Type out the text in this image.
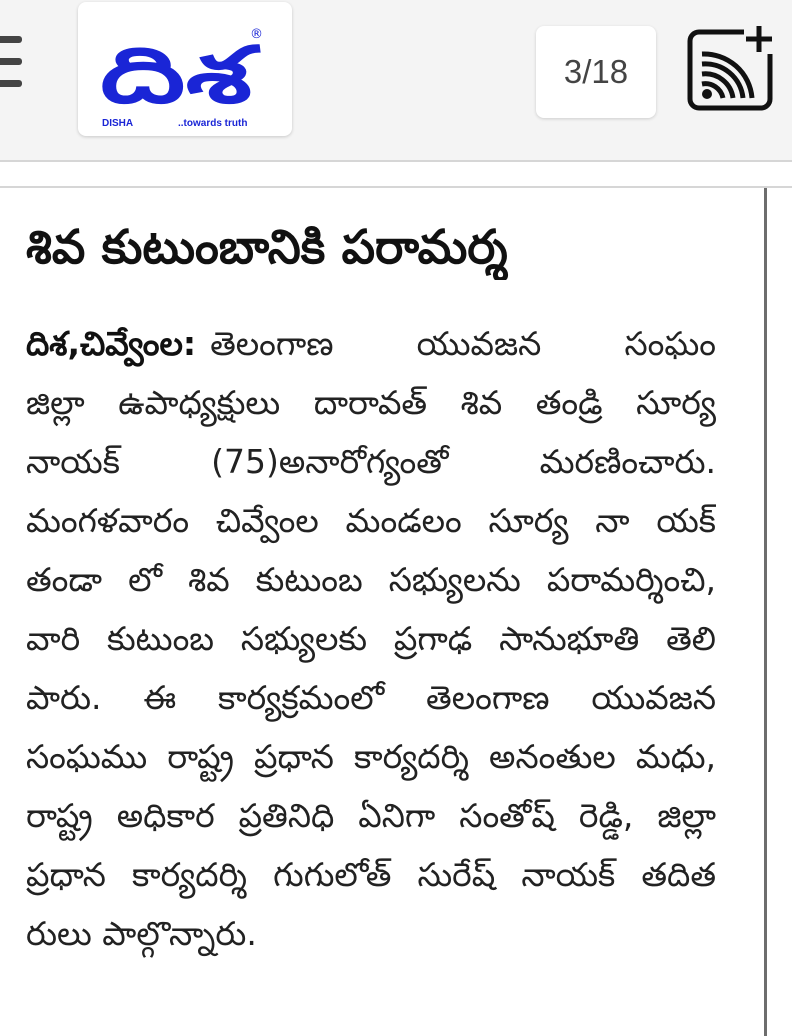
దిశ
®
DISHA	..towards truth
3/18
శివ కుటుంబానికి పరామర్శ
దిశ,చివ్వేంల: తెలంగాణ యువజన సంఘం
జిల్లా ఉపాధ్యక్షులు దారావత్ శివ తండ్రి సూర్య
నాయక్ (75)అనారోగ్యంతో మరణించారు.
మంగళవారం చివ్వేంల మండలం సూర్య నా యక్
తండా లో శివ కుటుంబ సభ్యులను పరామర్శించి,
వారి కుటుంబ సభ్యులకు ప్రగాఢ సానుభూతి తెలి
పారు. ఈ కార్యక్రమంలో తెలంగాణ యువజన
సంఘము రాష్ట్ర ప్రధాన కార్యదర్శి అనంతుల మధు,
రాష్ట్ర అధికార ప్రతినిధి ఏనిగా సంతోష్ రెడ్డి, జిల్లా
ప్రధాన కార్యదర్శి గుగులోత్ సురేష్ నాయక్ తదిత
రులు పాల్గొన్నారు.
